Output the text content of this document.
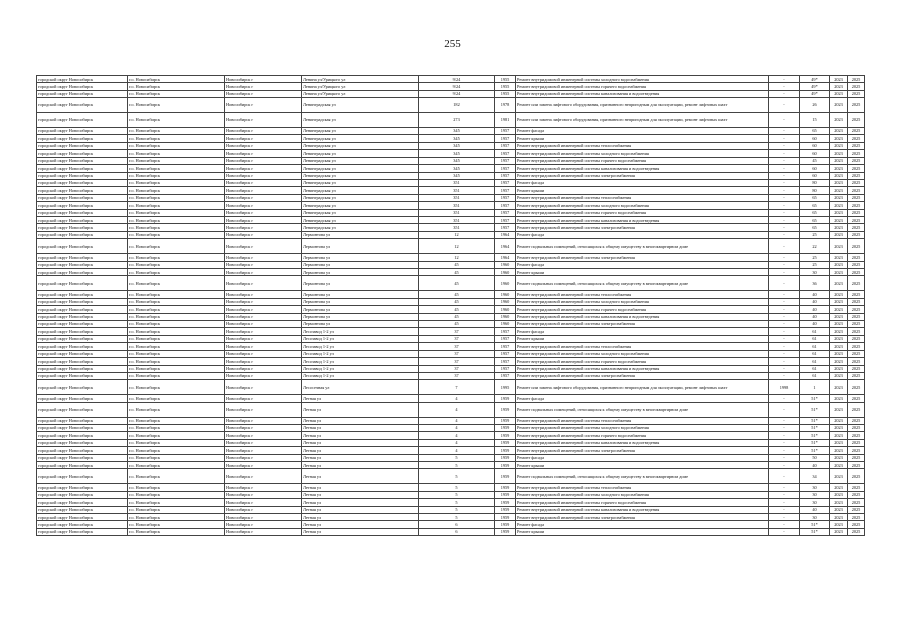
255
городской округ Новосибирск	г.о. Новосибирск	Новосибирск г	Ленина ул/Урицкого ул	9/24	1955	Ремонт внутридомовой инженерной системы холодного водоснабжения	-	49*	2023	2025
городской округ Новосибирск	г.о. Новосибирск	Новосибирск г	Ленина ул/Урицкого ул	9/24	1955	Ремонт внутридомовой инженерной системы горячего водоснабжения	-	49*	2023	2025
городской округ Новосибирск	г.о. Новосибирск	Новосибирск г	Ленина ул/Урицкого ул	9/24	1955	Ремонт внутридомовой инженерной системы канализования и водоотведения	-	49*	2023	2025
городской округ Новосибирск	г.о. Новосибирск	Новосибирск г	Ленинградская ул	182	1978	Ремонт или замена лифтового оборудования, признанного непригодным для эксплуатации, ремонт лифтовых шахт	-	26	2023	2025
городской округ Новосибирск	г.о. Новосибирск	Новосибирск г	Ленинградская ул	273	1981	Ремонт или замена лифтового оборудования, признанного непригодным для эксплуатации, ремонт лифтовых шахт	-	15	2023	2025
городской округ Новосибирск	г.о. Новосибирск	Новосибирск г	Ленинградская ул	345	1957	Ремонт фасада	-	65	2023	2025
городской округ Новосибирск	г.о. Новосибирск	Новосибирск г	Ленинградская ул	345	1957	Ремонт крыши	-	60	2023	2025
городской округ Новосибирск	г.о. Новосибирск	Новосибирск г	Ленинградская ул	345	1957	Ремонт внутридомовой инженерной системы теплоснабжения	-	60	2023	2025
городской округ Новосибирск	г.о. Новосибирск	Новосибирск г	Ленинградская ул	345	1957	Ремонт внутридомовой инженерной системы холодного водоснабжения	-	60	2023	2025
городской округ Новосибирск	г.о. Новосибирск	Новосибирск г	Ленинградская ул	345	1957	Ремонт внутридомовой инженерной системы горячего водоснабжения	-	45	2023	2025
городской округ Новосибирск	г.о. Новосибирск	Новосибирск г	Ленинградская ул	345	1957	Ремонт внутридомовой инженерной системы канализования и водоотведения	-	60	2023	2025
городской округ Новосибирск	г.о. Новосибирск	Новосибирск г	Ленинградская ул	345	1957	Ремонт внутридомовой инженерной системы электроснабжения	-	60	2023	2025
городской округ Новосибирск	г.о. Новосибирск	Новосибирск г	Ленинградская ул	351	1957	Ремонт фасада	-	80	2023	2025
городской округ Новосибирск	г.о. Новосибирск	Новосибирск г	Ленинградская ул	351	1957	Ремонт крыши	-	80	2023	2025
городской округ Новосибирск	г.о. Новосибирск	Новосибирск г	Ленинградская ул	351	1957	Ремонт внутридомовой инженерной системы теплоснабжения	-	65	2023	2025
городской округ Новосибирск	г.о. Новосибирск	Новосибирск г	Ленинградская ул	351	1957	Ремонт внутридомовой инженерной системы холодного водоснабжения	-	65	2023	2025
городской округ Новосибирск	г.о. Новосибирск	Новосибирск г	Ленинградская ул	351	1957	Ремонт внутридомовой инженерной системы горячего водоснабжения	-	65	2023	2025
городской округ Новосибирск	г.о. Новосибирск	Новосибирск г	Ленинградская ул	351	1957	Ремонт внутридомовой инженерной системы канализования и водоотведения	-	65	2023	2025
городской округ Новосибирск	г.о. Новосибирск	Новосибирск г	Ленинградская ул	351	1957	Ремонт внутридомовой инженерной системы электроснабжения	-	65	2023	2025
городской округ Новосибирск	г.о. Новосибирск	Новосибирск г	Лермонтова ул	12	1964	Ремонт фасада	-	25	2023	2025
городской округ Новосибирск	г.о. Новосибирск	Новосибирск г	Лермонтова ул	12	1964	Ремонт подвальных помещений, относящихся к общему имуществу в многоквартирном доме	-	22	2023	2025
городской округ Новосибирск	г.о. Новосибирск	Новосибирск г	Лермонтова ул	12	1964	Ремонт внутридомовой инженерной системы электроснабжения	-	25	2023	2025
городской округ Новосибирск	г.о. Новосибирск	Новосибирск г	Лермонтова ул	45	1960	Ремонт фасада	-	25	2023	2025
городской округ Новосибирск	г.о. Новосибирск	Новосибирск г	Лермонтова ул	45	1960	Ремонт крыши	-	30	2023	2025
городской округ Новосибирск	г.о. Новосибирск	Новосибирск г	Лермонтова ул	45	1960	Ремонт подвальных помещений, относящихся к общему имуществу в многоквартирном доме	-	36	2023	2025
городской округ Новосибирск	г.о. Новосибирск	Новосибирск г	Лермонтова ул	45	1960	Ремонт внутридомовой инженерной системы теплоснабжения	-	40	2023	2025
городской округ Новосибирск	г.о. Новосибирск	Новосибирск г	Лермонтова ул	45	1960	Ремонт внутридомовой инженерной системы холодного водоснабжения	-	40	2023	2025
городской округ Новосибирск	г.о. Новосибирск	Новосибирск г	Лермонтова ул	45	1960	Ремонт внутридомовой инженерной системы горячего водоснабжения	-	40	2023	2025
городской округ Новосибирск	г.о. Новосибирск	Новосибирск г	Лермонтова ул	45	1960	Ремонт внутридомовой инженерной системы канализования и водоотведения	-	40	2023	2025
городской округ Новосибирск	г.о. Новосибирск	Новосибирск г	Лермонтова ул	45	1960	Ремонт внутридомовой инженерной системы электроснабжения	-	40	2023	2025
городской округ Новосибирск	г.о. Новосибирск	Новосибирск г	Лесозавод 1-2 ул	37	1957	Ремонт фасада	-	61	2023	2025
городской округ Новосибирск	г.о. Новосибирск	Новосибирск г	Лесозавод 1-2 ул	37	1957	Ремонт крыши	-	61	2023	2025
городской округ Новосибирск	г.о. Новосибирск	Новосибирск г	Лесозавод 1-2 ул	37	1957	Ремонт внутридомовой инженерной системы теплоснабжения	-	61	2023	2025
городской округ Новосибирск	г.о. Новосибирск	Новосибирск г	Лесозавод 1-2 ул	37	1957	Ремонт внутридомовой инженерной системы холодного водоснабжения	-	61	2023	2025
городской округ Новосибирск	г.о. Новосибирск	Новосибирск г	Лесозавод 1-2 ул	37	1957	Ремонт внутридомовой инженерной системы горячего водоснабжения	-	61	2023	2025
городской округ Новосибирск	г.о. Новосибирск	Новосибирск г	Лесозавод 1-2 ул	37	1957	Ремонт внутридомовой инженерной системы канализования и водоотведения	-	61	2023	2025
городской округ Новосибирск	г.о. Новосибирск	Новосибирск г	Лесозавод 1-2 ул	37	1957	Ремонт внутридомовой инженерной системы электроснабжения	-	61	2023	2025
городской округ Новосибирск	г.о. Новосибирск	Новосибирск г	Лесосечная ул	7	1995	Ремонт или замена лифтового оборудования, признанного непригодным для эксплуатации, ремонт лифтовых шахт	1998	1	2023	2025
городской округ Новосибирск	г.о. Новосибирск	Новосибирск г	Летная ул	4	1959	Ремонт фасада	-	51*	2023	2025
городской округ Новосибирск	г.о. Новосибирск	Новосибирск г	Летная ул	4	1959	Ремонт подвальных помещений, относящихся к общему имуществу в многоквартирном доме	-	51*	2023	2025
городской округ Новосибирск	г.о. Новосибирск	Новосибирск г	Летная ул	4	1959	Ремонт внутридомовой инженерной системы теплоснабжения	-	51*	2023	2025
городской округ Новосибирск	г.о. Новосибирск	Новосибирск г	Летная ул	4	1959	Ремонт внутридомовой инженерной системы холодного водоснабжения	-	51*	2023	2025
городской округ Новосибирск	г.о. Новосибирск	Новосибирск г	Летная ул	4	1959	Ремонт внутридомовой инженерной системы горячего водоснабжения	-	51*	2023	2025
городской округ Новосибирск	г.о. Новосибирск	Новосибирск г	Летная ул	4	1959	Ремонт внутридомовой инженерной системы канализования и водоотведения	-	51*	2023	2025
городской округ Новосибирск	г.о. Новосибирск	Новосибирск г	Летная ул	4	1959	Ремонт внутридомовой инженерной системы электроснабжения	-	51*	2023	2025
городской округ Новосибирск	г.о. Новосибирск	Новосибирск г	Летная ул	5	1959	Ремонт фасада	-	50	2023	2025
городской округ Новосибирск	г.о. Новосибирск	Новосибирск г	Летная ул	5	1959	Ремонт крыши	-	40	2023	2025
городской округ Новосибирск	г.о. Новосибирск	Новосибирск г	Летная ул	5	1959	Ремонт подвальных помещений, относящихся к общему имуществу в многоквартирном доме	-	34	2023	2025
городской округ Новосибирск	г.о. Новосибирск	Новосибирск г	Летная ул	5	1959	Ремонт внутридомовой инженерной системы теплоснабжения	-	30	2023	2025
городской округ Новосибирск	г.о. Новосибирск	Новосибирск г	Летная ул	5	1959	Ремонт внутридомовой инженерной системы холодного водоснабжения	-	30	2023	2025
городской округ Новосибирск	г.о. Новосибирск	Новосибирск г	Летная ул	5	1959	Ремонт внутридомовой инженерной системы горячего водоснабжения	-	30	2023	2025
городской округ Новосибирск	г.о. Новосибирск	Новосибирск г	Летная ул	5	1959	Ремонт внутридомовой инженерной системы канализования и водоотведения	-	40	2023	2025
городской округ Новосибирск	г.о. Новосибирск	Новосибирск г	Летная ул	5	1959	Ремонт внутридомовой инженерной системы электроснабжения	-	30	2023	2025
городской округ Новосибирск	г.о. Новосибирск	Новосибирск г	Летная ул	6	1959	Ремонт фасада	-	51*	2023	2025
городской округ Новосибирск	г.о. Новосибирск	Новосибирск г	Летная ул	6	1959	Ремонт крыши	-	51*	2023	2025
